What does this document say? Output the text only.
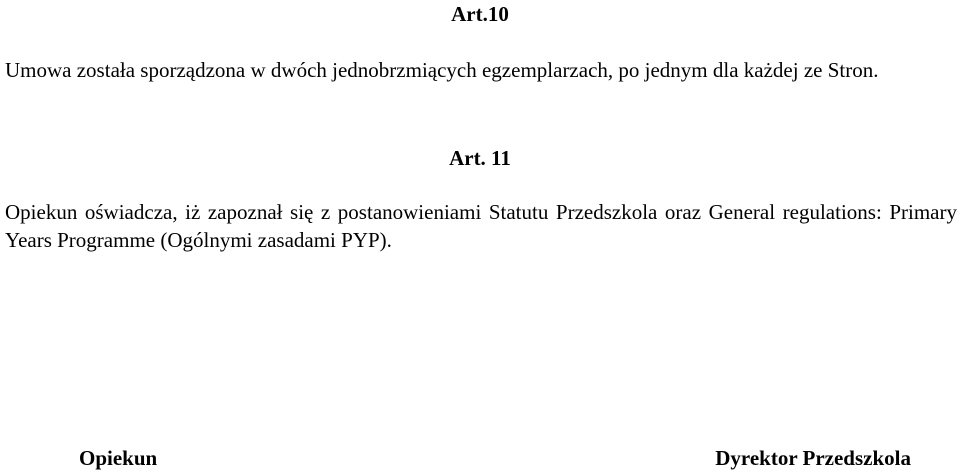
Art.10

Umowa została sporządzona w dwóch jednobrzmiących egzemplarzach, po jednym dla każdej ze Stron.

Art. 11

Opiekun oświadcza, iż zapoznał się z postanowieniami Statutu Przedszkola oraz General regulations: Primary Years Programme (Ogólnymi zasadami PYP).

Opiekun	Dyrektor Przedszkola
